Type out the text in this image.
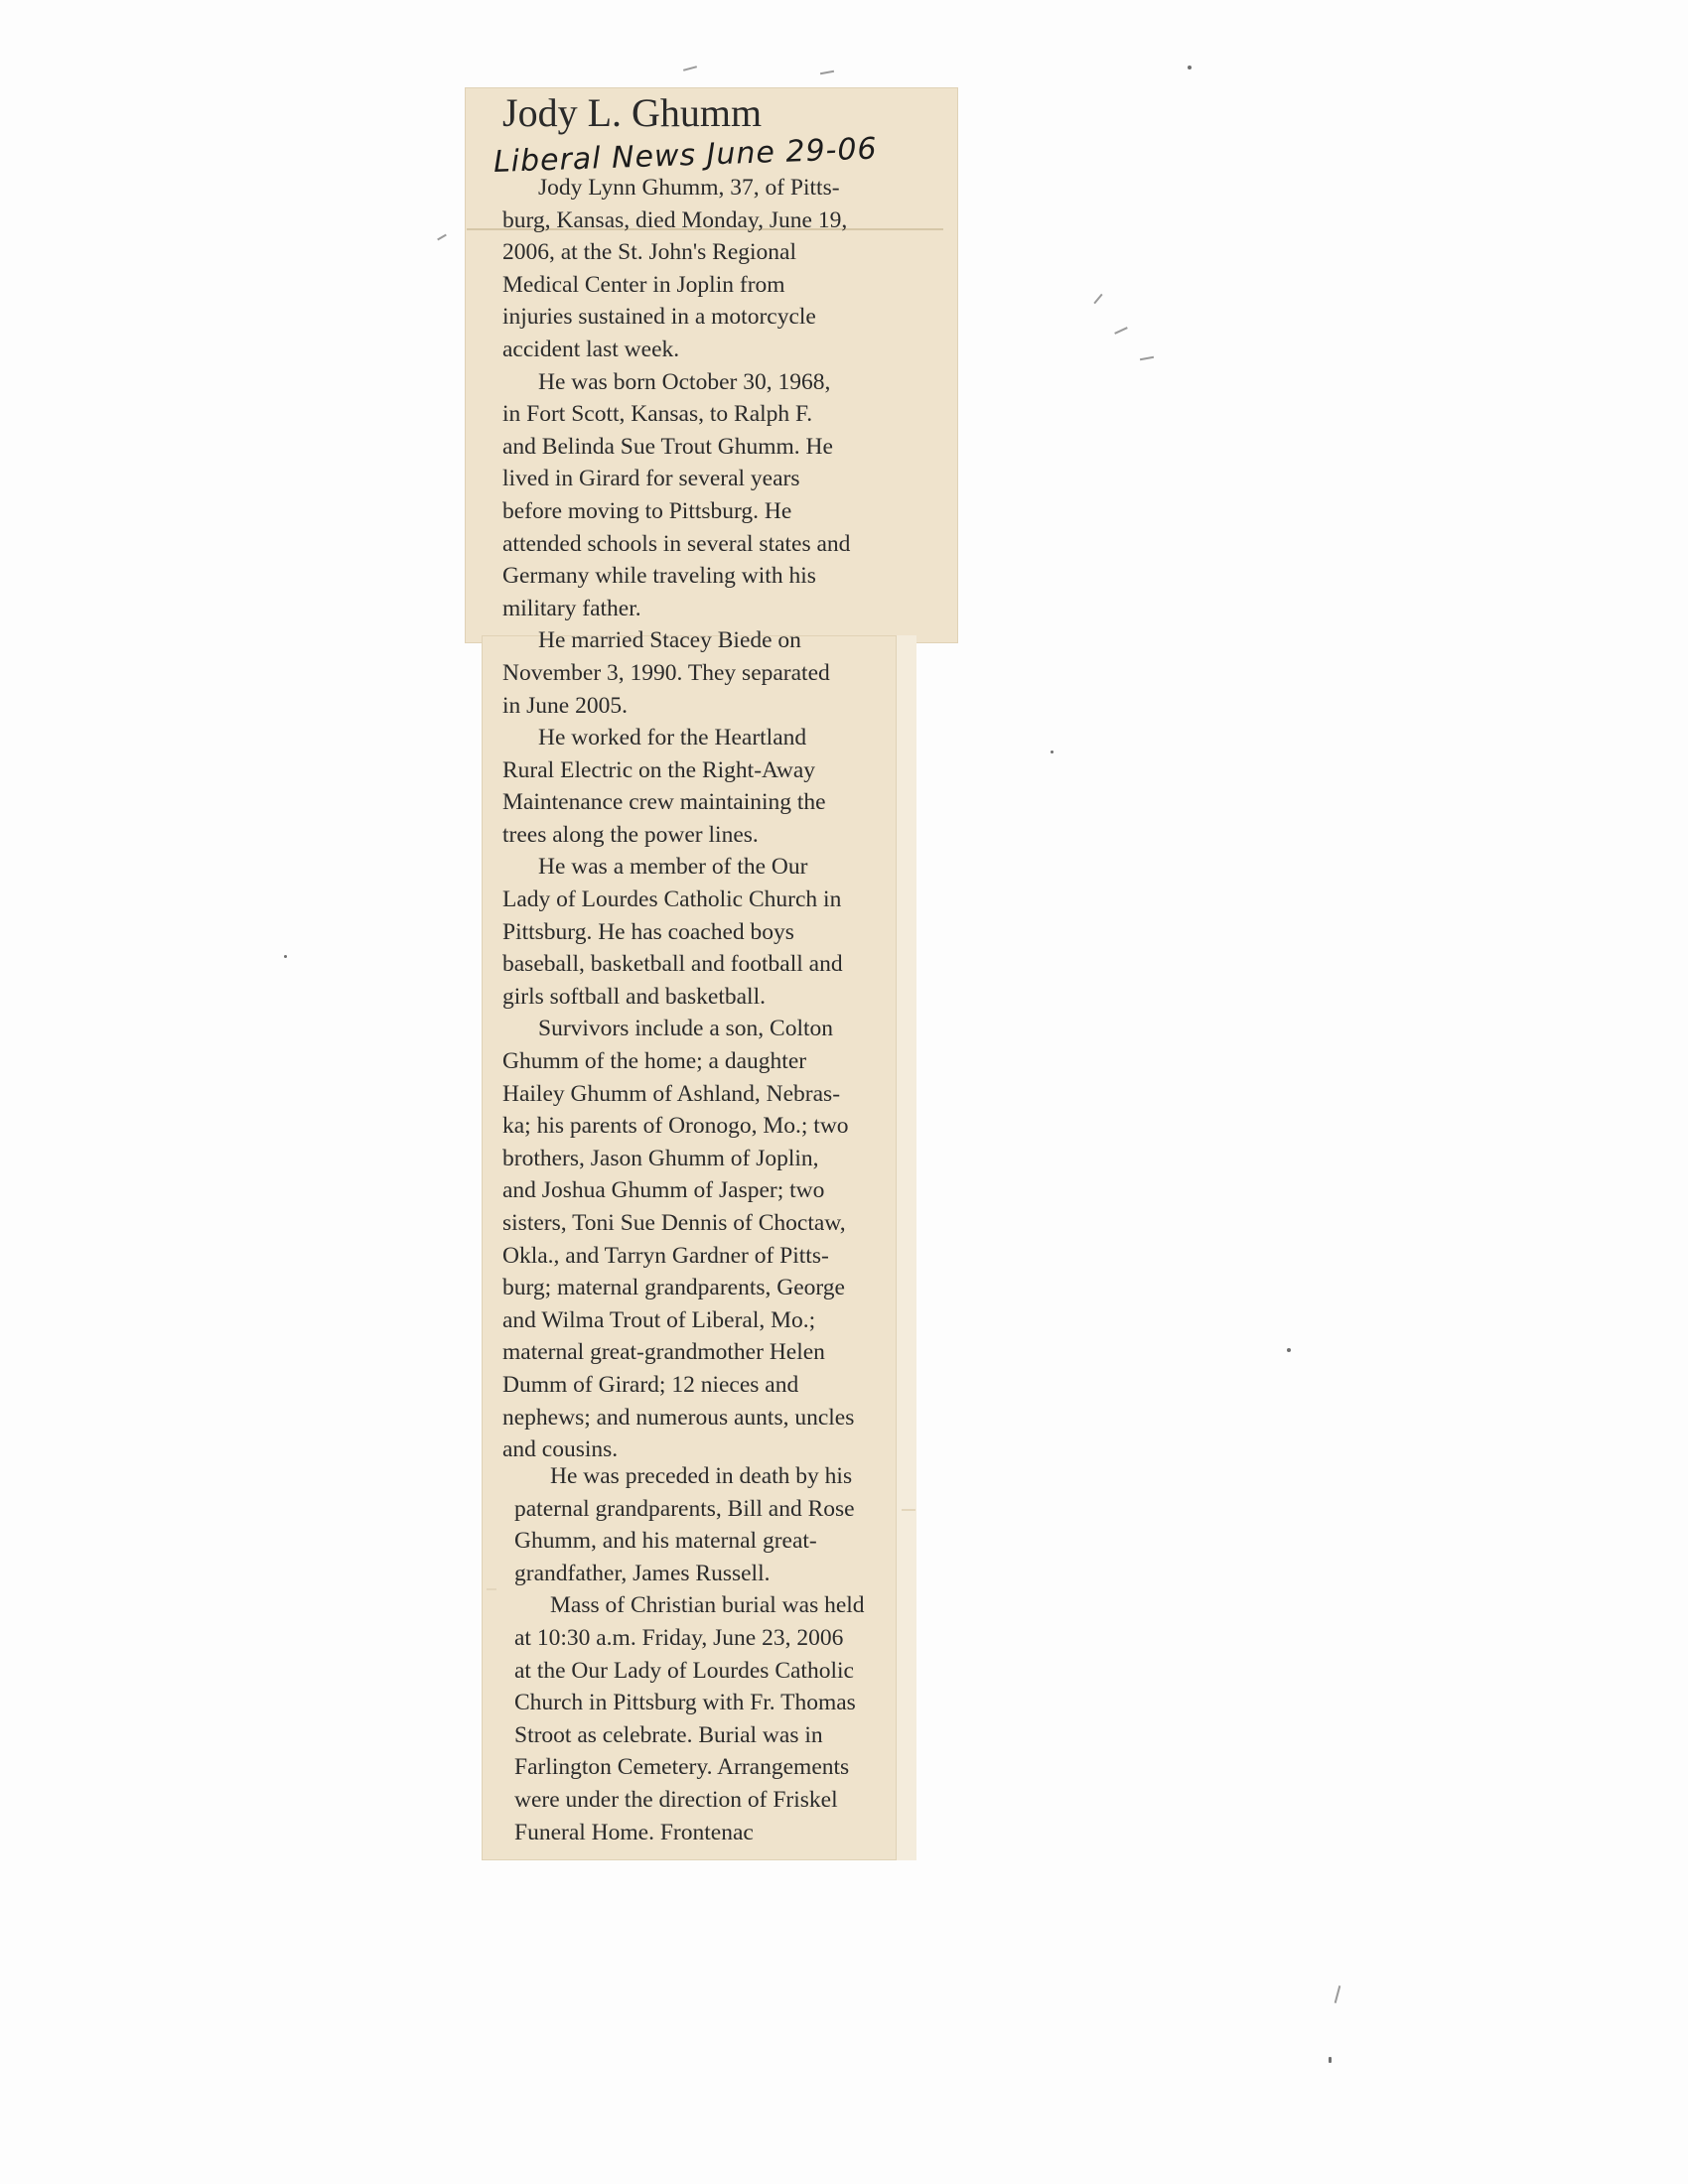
Jody L. Ghumm
Liberal News June 29-06
Jody Lynn Ghumm, 37, of Pitts-
burg, Kansas, died Monday, June 19,
2006, at the St. John's Regional
Medical Center in Joplin from
injuries sustained in a motorcycle
accident last week.
He was born October 30, 1968,
in Fort Scott, Kansas, to Ralph F.
and Belinda Sue Trout Ghumm. He
lived in Girard for several years
before moving to Pittsburg. He
attended schools in several states and
Germany while traveling with his
military father.
He married Stacey Biede on
November 3, 1990. They separated
in June 2005.
He worked for the Heartland
Rural Electric on the Right-Away
Maintenance crew maintaining the
trees along the power lines.
He was a member of the Our
Lady of Lourdes Catholic Church in
Pittsburg. He has coached boys
baseball, basketball and football and
girls softball and basketball.
Survivors include a son, Colton
Ghumm of the home; a daughter
Hailey Ghumm of Ashland, Nebras-
ka; his parents of Oronogo, Mo.; two
brothers, Jason Ghumm of Joplin,
and Joshua Ghumm of Jasper; two
sisters, Toni Sue Dennis of Choctaw,
Okla., and Tarryn Gardner of Pitts-
burg; maternal grandparents, George
and Wilma Trout of Liberal, Mo.;
maternal great-grandmother Helen
Dumm of Girard; 12 nieces and
nephews; and numerous aunts, uncles
and cousins.
He was preceded in death by his
paternal grandparents, Bill and Rose
Ghumm, and his maternal great-
grandfather, James Russell.
Mass of Christian burial was held
at 10:30 a.m. Friday, June 23, 2006
at the Our Lady of Lourdes Catholic
Church in Pittsburg with Fr. Thomas
Stroot as celebrate. Burial was in
Farlington Cemetery. Arrangements
were under the direction of Friskel
Funeral Home. Frontenac
